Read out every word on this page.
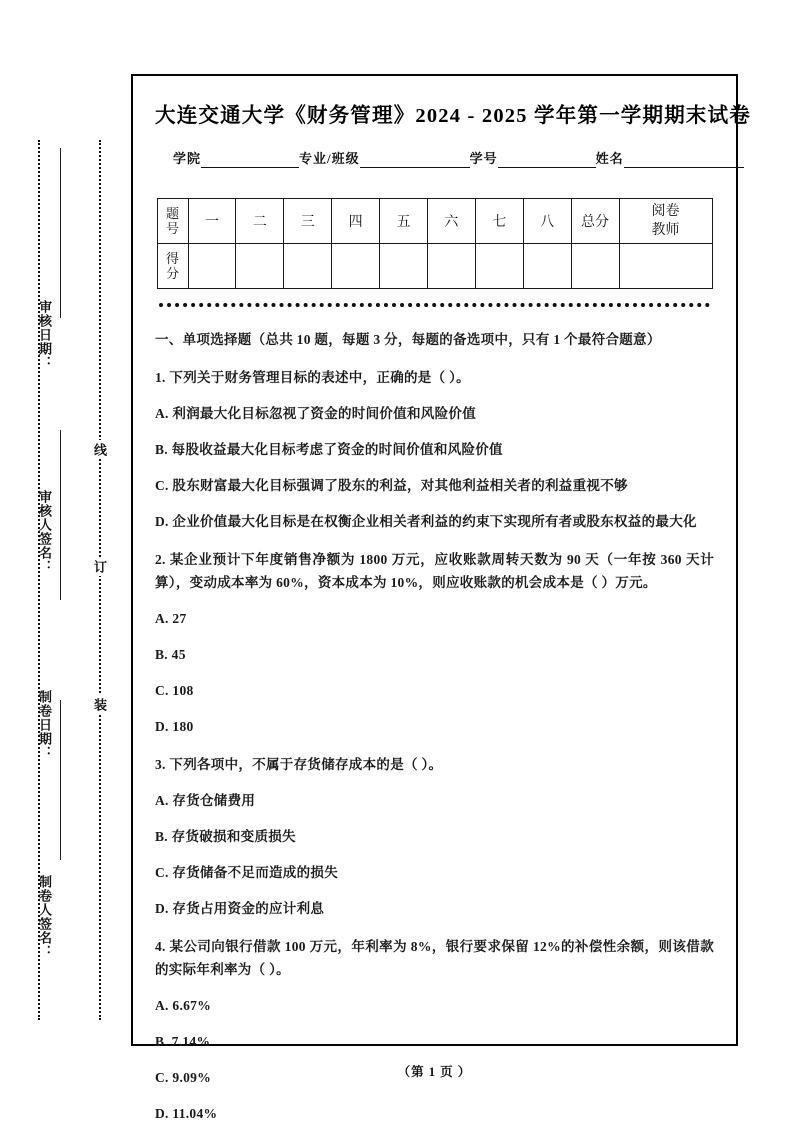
审核日期：
审核人签名：
制卷日期：
制卷人签名：
线
订
装
大连交通大学《财务管理》2024 - 2025 学年第一学期期末试卷
学院	专业/班级	学号	姓名
题
号	一	二	三	四	五	六	七	八	总分	阅卷
教师

得
分										

一、单项选择题（总共 10 题，每题 3 分，每题的备选项中，只有 1 个最符合题意）
1. 下列关于财务管理目标的表述中，正确的是（ ）。
A. 利润最大化目标忽视了资金的时间价值和风险价值
B. 每股收益最大化目标考虑了资金的时间价值和风险价值
C. 股东财富最大化目标强调了股东的利益，对其他利益相关者的利益重视不够
D. 企业价值最大化目标是在权衡企业相关者利益的约束下实现所有者或股东权益的最大化
2. 某企业预计下年度销售净额为 1800 万元，应收账款周转天数为 90 天（一年按 360 天计算），变动成本率为 60%，资本成本为 10%，则应收账款的机会成本是（ ）万元。
A. 27
B. 45
C. 108
D. 180
3. 下列各项中，不属于存货储存成本的是（ ）。
A. 存货仓储费用
B. 存货破损和变质损失
C. 存货储备不足而造成的损失
D. 存货占用资金的应计利息
4. 某公司向银行借款 100 万元，年利率为 8%，银行要求保留 12%的补偿性余额，则该借款的实际年利率为（ ）。
A. 6.67%
B. 7.14%
C. 9.09%
D. 11.04%
（第 1 页 ）
